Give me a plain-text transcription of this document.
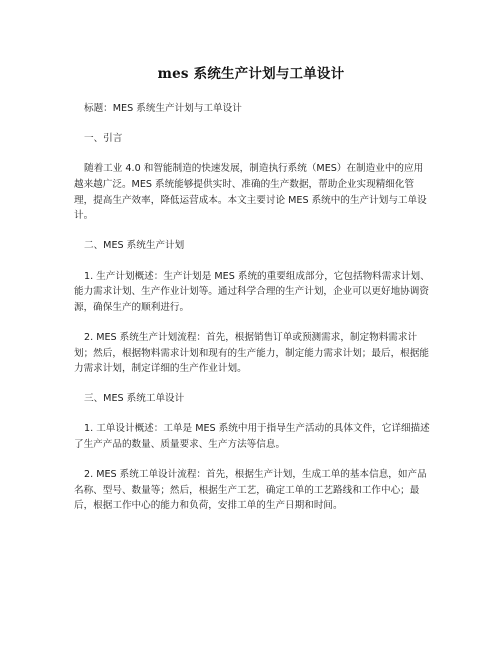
mes 系统生产计划与工单设计

标题：MES 系统生产计划与工单设计

一、引言

随着工业 4.0 和智能制造的快速发展，制造执行系统（MES）在制造业中的应用越来越广泛。MES 系统能够提供实时、准确的生产数据，帮助企业实现精细化管理，提高生产效率，降低运营成本。本文主要讨论 MES 系统中的生产计划与工单设计。

二、MES 系统生产计划

1. 生产计划概述：生产计划是 MES 系统的重要组成部分，它包括物料需求计划、能力需求计划、生产作业计划等。通过科学合理的生产计划，企业可以更好地协调资源，确保生产的顺利进行。

2. MES 系统生产计划流程：首先，根据销售订单或预测需求，制定物料需求计划；然后，根据物料需求计划和现有的生产能力，制定能力需求计划；最后，根据能力需求计划，制定详细的生产作业计划。

三、MES 系统工单设计

1. 工单设计概述：工单是 MES 系统中用于指导生产活动的具体文件，它详细描述了生产产品的数量、质量要求、生产方法等信息。

2. MES 系统工单设计流程：首先，根据生产计划，生成工单的基本信息，如产品名称、型号、数量等；然后，根据生产工艺，确定工单的工艺路线和工作中心；最后，根据工作中心的能力和负荷，安排工单的生产日期和时间。
